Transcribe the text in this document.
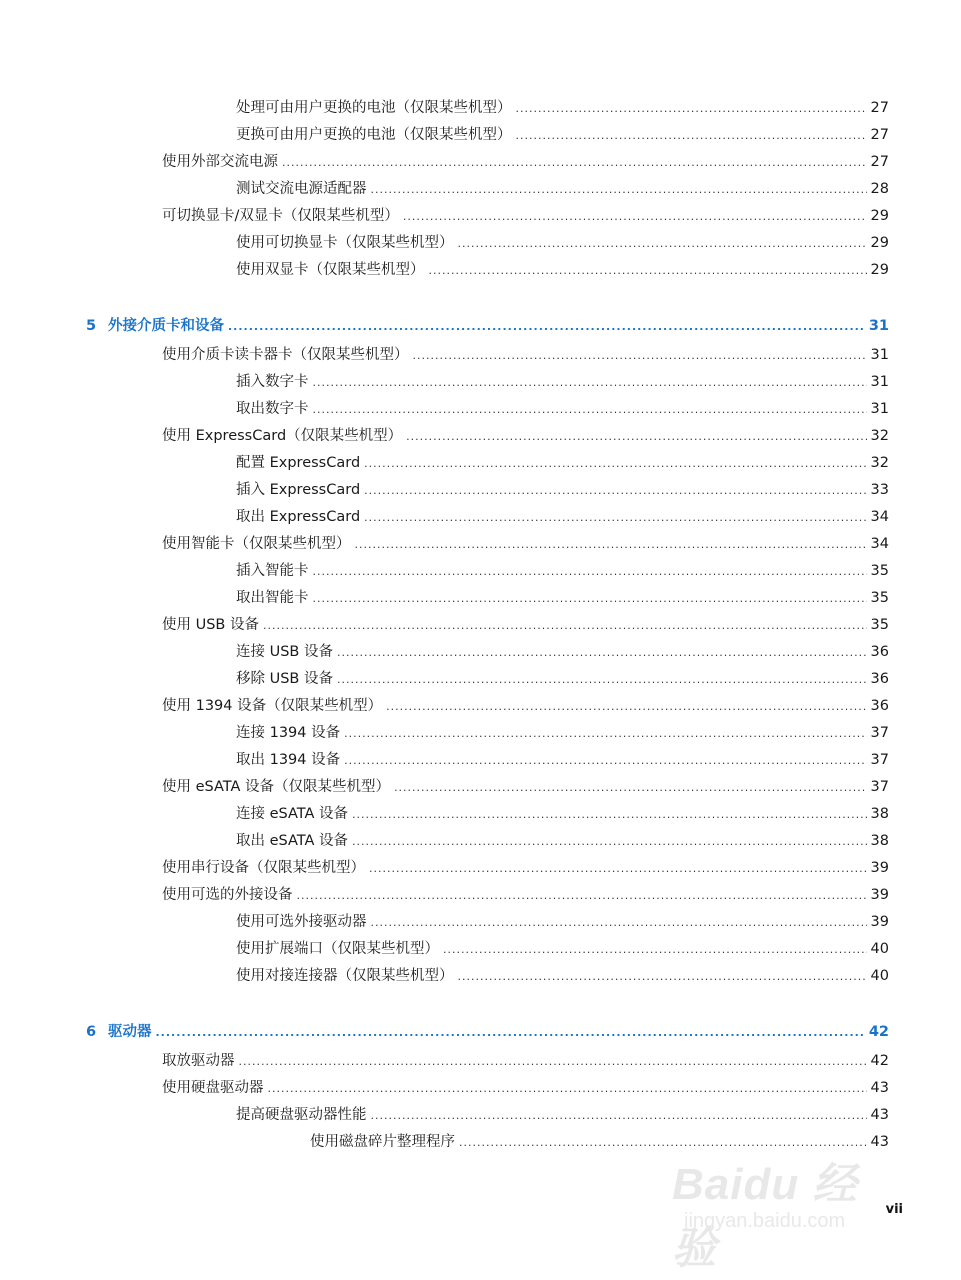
处理可由用户更换的电池（仅限某些机型） .....	27
更换可由用户更换的电池（仅限某些机型） .....	27
使用外部交流电源 .....	27
测试交流电源适配器 .....	28
可切换显卡/双显卡（仅限某些机型） .....	29
使用可切换显卡（仅限某些机型） .....	29
使用双显卡（仅限某些机型） .....	29
5 外接介质卡和设备 .....	31
使用介质卡读卡器卡（仅限某些机型） .....	31
插入数字卡 .....	31
取出数字卡 .....	31
使用 ExpressCard（仅限某些机型） .....	32
配置 ExpressCard .....	32
插入 ExpressCard .....	33
取出 ExpressCard .....	34
使用智能卡（仅限某些机型） .....	34
插入智能卡 .....	35
取出智能卡 .....	35
使用 USB 设备 .....	35
连接 USB 设备 .....	36
移除 USB 设备 .....	36
使用 1394 设备（仅限某些机型） .....	36
连接 1394 设备 .....	37
取出 1394 设备 .....	37
使用 eSATA 设备（仅限某些机型） .....	37
连接 eSATA 设备 .....	38
取出 eSATA 设备 .....	38
使用串行设备（仅限某些机型） .....	39
使用可选的外接设备 .....	39
使用可选外接驱动器 .....	39
使用扩展端口（仅限某些机型） .....	40
使用对接连接器（仅限某些机型） .....	40
6 驱动器 .....	42
取放驱动器 .....	42
使用硬盘驱动器 .....	43
提高硬盘驱动器性能 .....	43
使用磁盘碎片整理程序 .....	43
vii
Baidu 经验
jingyan.baidu.com
